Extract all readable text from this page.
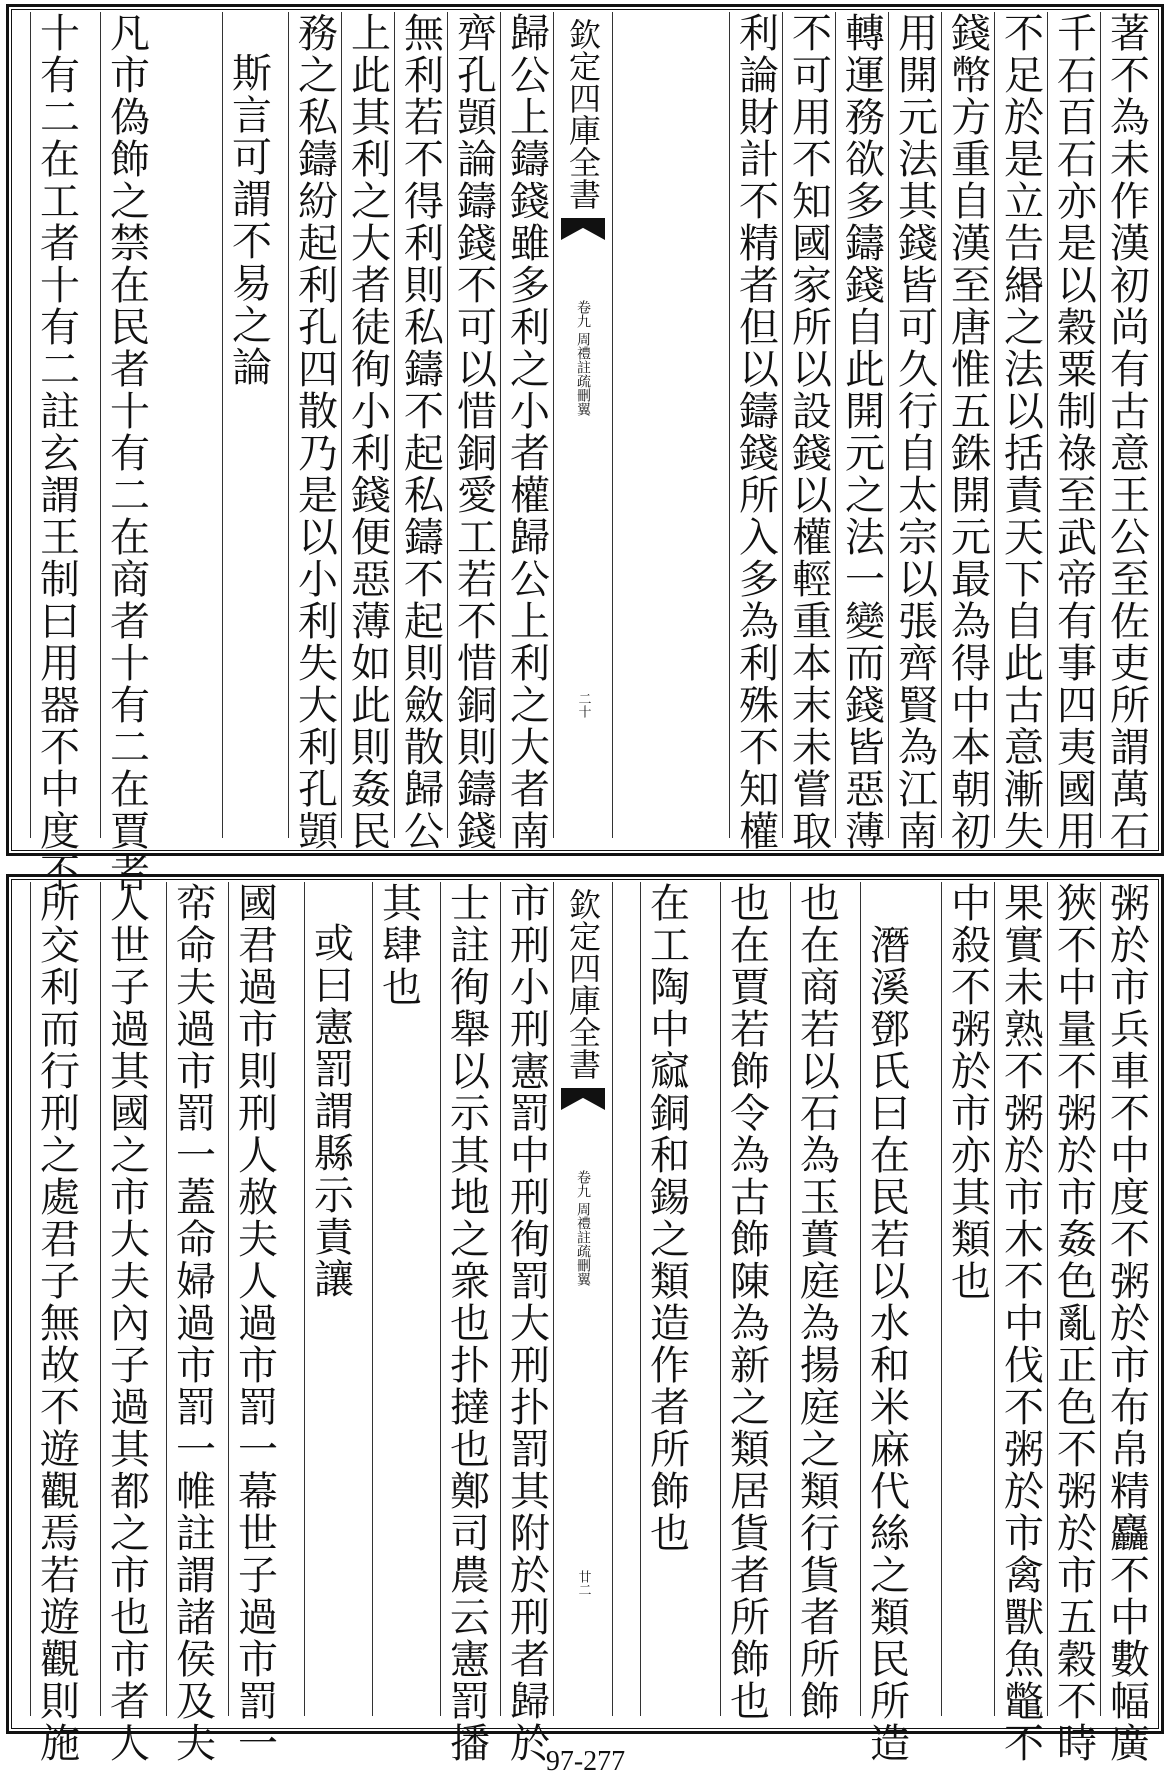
著不為未作漢初尚有古意王公至佐吏所謂萬石
千石百石亦是以穀粟制祿至武帝有事四夷國用
不足於是立告緡之法以括責天下自此古意漸失
錢幣方重自漢至唐惟五銖開元最為得中本朝初
用開元法其錢皆可久行自太宗以張齊賢為江南
轉運務欲多鑄錢自此開元之法一變而錢皆惡薄
不可用不知國家所以設錢以權輕重本末未嘗取
利論財計不精者但以鑄錢所入多為利殊不知權
欽定四庫全書
周禮註疏刪翼
卷九
二十
歸公上鑄錢雖多利之小者權歸公上利之大者南
齊孔顗論鑄錢不可以惜銅愛工若不惜銅則鑄錢
無利若不得利則私鑄不起私鑄不起則斂散歸公
上此其利之大者徒徇小利錢便惡薄如此則姦民
務之私鑄紛起利孔四散乃是以小利失大利孔顗
斯言可謂不易之論
凡市偽飾之禁在民者十有二在商者十有二在賈者
十有二在工者十有二註玄謂王制曰用器不中度不
粥於市兵車不中度不粥於市布帛精麤不中數幅廣
狹不中量不粥於市姦色亂正色不粥於市五穀不時
果實未熟不粥於市木不中伐不粥於市禽獸魚鼈不
中殺不粥於市亦其類也
潛溪鄧氏曰在民若以水和米麻代絲之類民所造
也在商若以石為玉蕢庭為揚庭之類行貨者所飾
也在賈若飾令為古飾陳為新之類居貨者所飾也
在工陶中窳銅和錫之類造作者所飾也
欽定四庫全書
周禮註疏刪翼
卷九
廿二
市刑小刑憲罰中刑徇罰大刑扑罰其附於刑者歸於
士註徇舉以示其地之衆也扑撻也鄭司農云憲罰播
其肆也
或曰憲罰謂縣示責讓
國君過市則刑人赦夫人過市罰一幕世子過市罰一
帟命夫過市罰一蓋命婦過市罰一帷註謂諸侯及夫
人世子過其國之市大夫內子過其都之市也市者人
所交利而行刑之處君子無故不遊觀焉若遊觀則施	97-277
